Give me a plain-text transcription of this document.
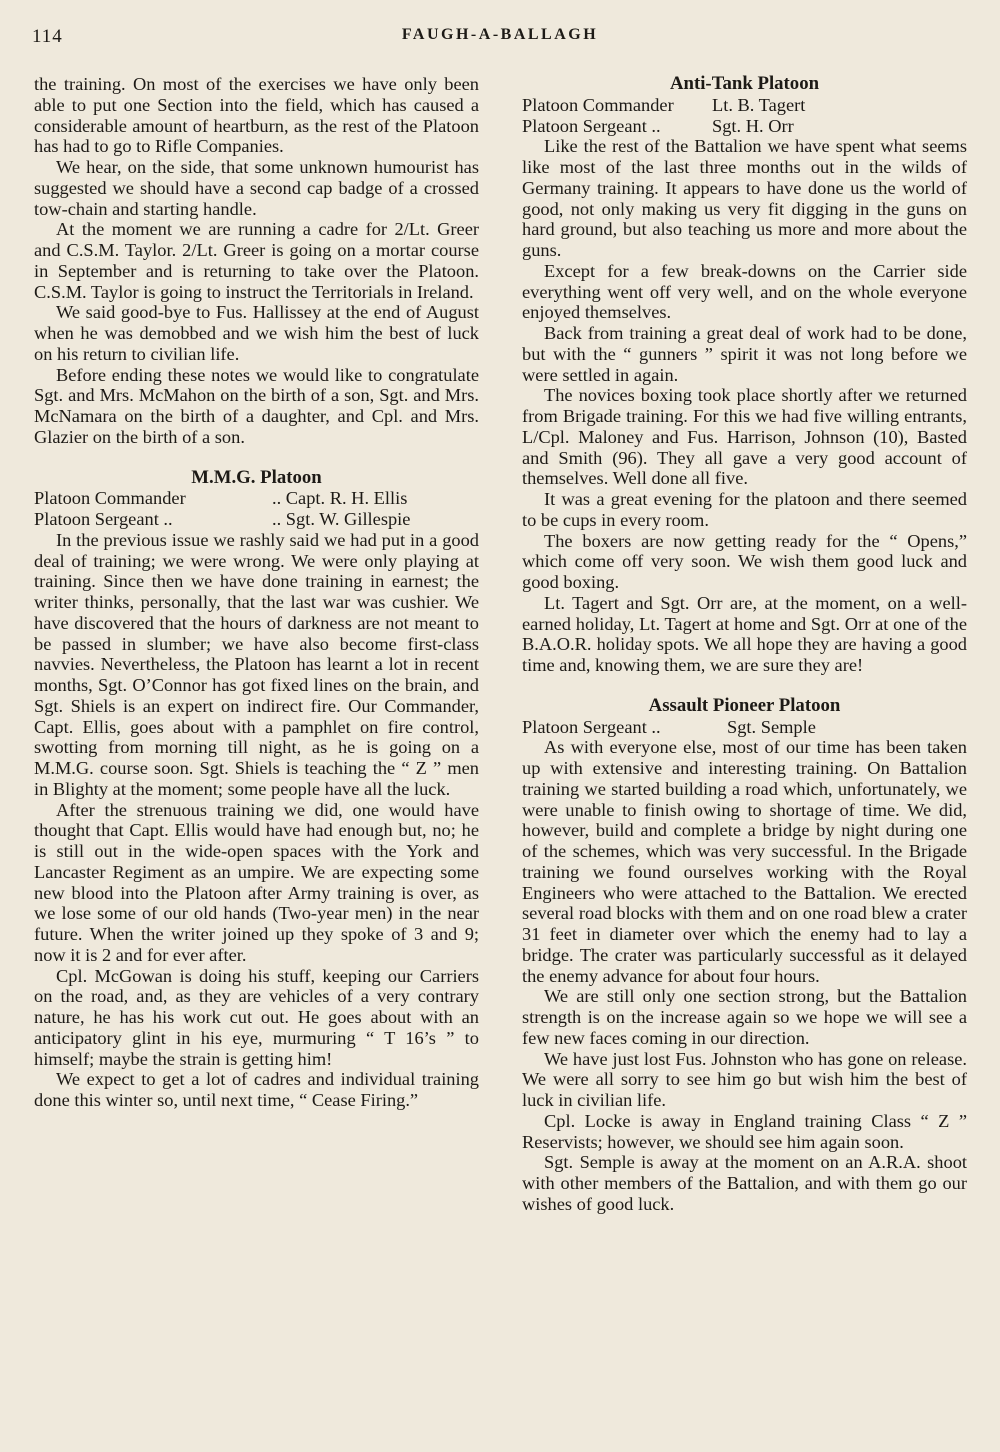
114	FAUGH-A-BALLAGH

the training. On most of the exercises we have only been able to put one Section into the field, which has caused a considerable amount of heartburn, as the rest of the Platoon has had to go to Rifle Companies.

We hear, on the side, that some unknown humourist has suggested we should have a second cap badge of a crossed tow-chain and starting handle.

At the moment we are running a cadre for 2/Lt. Greer and C.S.M. Taylor. 2/Lt. Greer is going on a mortar course in September and is returning to take over the Platoon. C.S.M. Taylor is going to instruct the Territorials in Ireland.

We said good-bye to Fus. Hallissey at the end of August when he was demobbed and we wish him the best of luck on his return to civilian life.

Before ending these notes we would like to congratulate Sgt. and Mrs. McMahon on the birth of a son, Sgt. and Mrs. McNamara on the birth of a daughter, and Cpl. and Mrs. Glazier on the birth of a son.

M.M.G. Platoon
Platoon Commander	.. Capt. R. H. Ellis
Platoon Sergeant ..	.. Sgt. W. Gillespie

In the previous issue we rashly said we had put in a good deal of training; we were wrong. We were only playing at training. Since then we have done training in earnest; the writer thinks, personally, that the last war was cushier. We have discovered that the hours of darkness are not meant to be passed in slumber; we have also become first-class navvies. Nevertheless, the Platoon has learnt a lot in recent months, Sgt. O’Connor has got fixed lines on the brain, and Sgt. Shiels is an expert on indirect fire. Our Commander, Capt. Ellis, goes about with a pamphlet on fire control, swotting from morning till night, as he is going on a M.M.G. course soon. Sgt. Shiels is teaching the “ Z ” men in Blighty at the moment; some people have all the luck.

After the strenuous training we did, one would have thought that Capt. Ellis would have had enough but, no; he is still out in the wide-open spaces with the York and Lancaster Regiment as an umpire. We are expecting some new blood into the Platoon after Army training is over, as we lose some of our old hands (Two-year men) in the near future. When the writer joined up they spoke of 3 and 9; now it is 2 and for ever after.

Cpl. McGowan is doing his stuff, keeping our Carriers on the road, and, as they are vehicles of a very contrary nature, he has his work cut out. He goes about with an anticipatory glint in his eye, murmuring “ T 16’s ” to himself; maybe the strain is getting him!

We expect to get a lot of cadres and individual training done this winter so, until next time, “ Cease Firing.”

Anti-Tank Platoon
Platoon Commander	Lt. B. Tagert
Platoon Sergeant ..	Sgt. H. Orr

Like the rest of the Battalion we have spent what seems like most of the last three months out in the wilds of Germany training. It appears to have done us the world of good, not only making us very fit digging in the guns on hard ground, but also teaching us more and more about the guns.

Except for a few break-downs on the Carrier side everything went off very well, and on the whole everyone enjoyed themselves.

Back from training a great deal of work had to be done, but with the “ gunners ” spirit it was not long before we were settled in again.

The novices boxing took place shortly after we returned from Brigade training. For this we had five willing entrants, L/Cpl. Maloney and Fus. Harrison, Johnson (10), Basted and Smith (96). They all gave a very good account of themselves. Well done all five.

It was a great evening for the platoon and there seemed to be cups in every room.

The boxers are now getting ready for the “ Opens,” which come off very soon. We wish them good luck and good boxing.

Lt. Tagert and Sgt. Orr are, at the moment, on a well-earned holiday, Lt. Tagert at home and Sgt. Orr at one of the B.A.O.R. holiday spots. We all hope they are having a good time and, knowing them, we are sure they are!

Assault Pioneer Platoon
Platoon Sergeant ..	Sgt. Semple

As with everyone else, most of our time has been taken up with extensive and interesting training. On Battalion training we started building a road which, unfortunately, we were unable to finish owing to shortage of time. We did, however, build and complete a bridge by night during one of the schemes, which was very successful. In the Brigade training we found ourselves working with the Royal Engineers who were attached to the Battalion. We erected several road blocks with them and on one road blew a crater 31 feet in diameter over which the enemy had to lay a bridge. The crater was particularly successful as it delayed the enemy advance for about four hours.

We are still only one section strong, but the Battalion strength is on the increase again so we hope we will see a few new faces coming in our direction.

We have just lost Fus. Johnston who has gone on release. We were all sorry to see him go but wish him the best of luck in civilian life.

Cpl. Locke is away in England training Class “ Z ” Reservists; however, we should see him again soon.

Sgt. Semple is away at the moment on an A.R.A. shoot with other members of the Battalion, and with them go our wishes of good luck.
